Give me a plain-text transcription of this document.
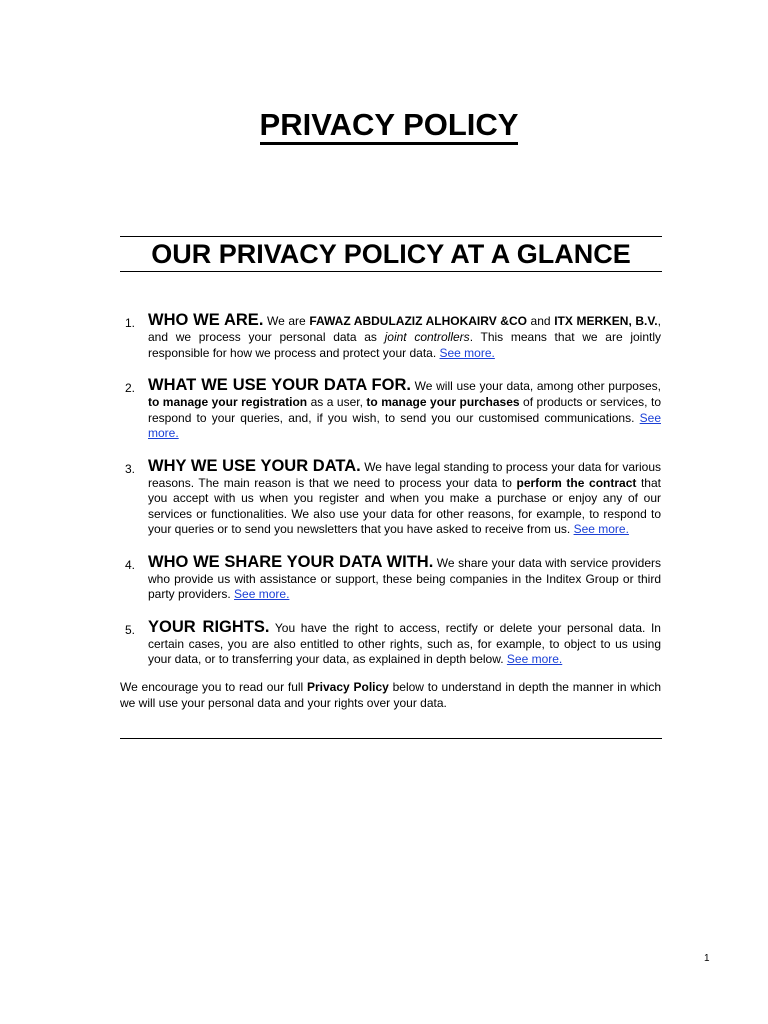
PRIVACY POLICY
OUR PRIVACY POLICY AT A GLANCE
1. WHO WE ARE. We are FAWAZ ABDULAZIZ ALHOKAIRV &CO and ITX MERKEN, B.V., and we process your personal data as joint controllers. This means that we are jointly responsible for how we process and protect your data. See more.
2. WHAT WE USE YOUR DATA FOR. We will use your data, among other purposes, to manage your registration as a user, to manage your purchases of products or services, to respond to your queries, and, if you wish, to send you our customised communications. See more.
3. WHY WE USE YOUR DATA. We have legal standing to process your data for various reasons. The main reason is that we need to process your data to perform the contract that you accept with us when you register and when you make a purchase or enjoy any of our services or functionalities. We also use your data for other reasons, for example, to respond to your queries or to send you newsletters that you have asked to receive from us. See more.
4. WHO WE SHARE YOUR DATA WITH. We share your data with service providers who provide us with assistance or support, these being companies in the Inditex Group or third party providers. See more.
5. YOUR RIGHTS. You have the right to access, rectify or delete your personal data. In certain cases, you are also entitled to other rights, such as, for example, to object to us using your data, or to transferring your data, as explained in depth below. See more.

We encourage you to read our full Privacy Policy below to understand in depth the manner in which we will use your personal data and your rights over your data.

1
